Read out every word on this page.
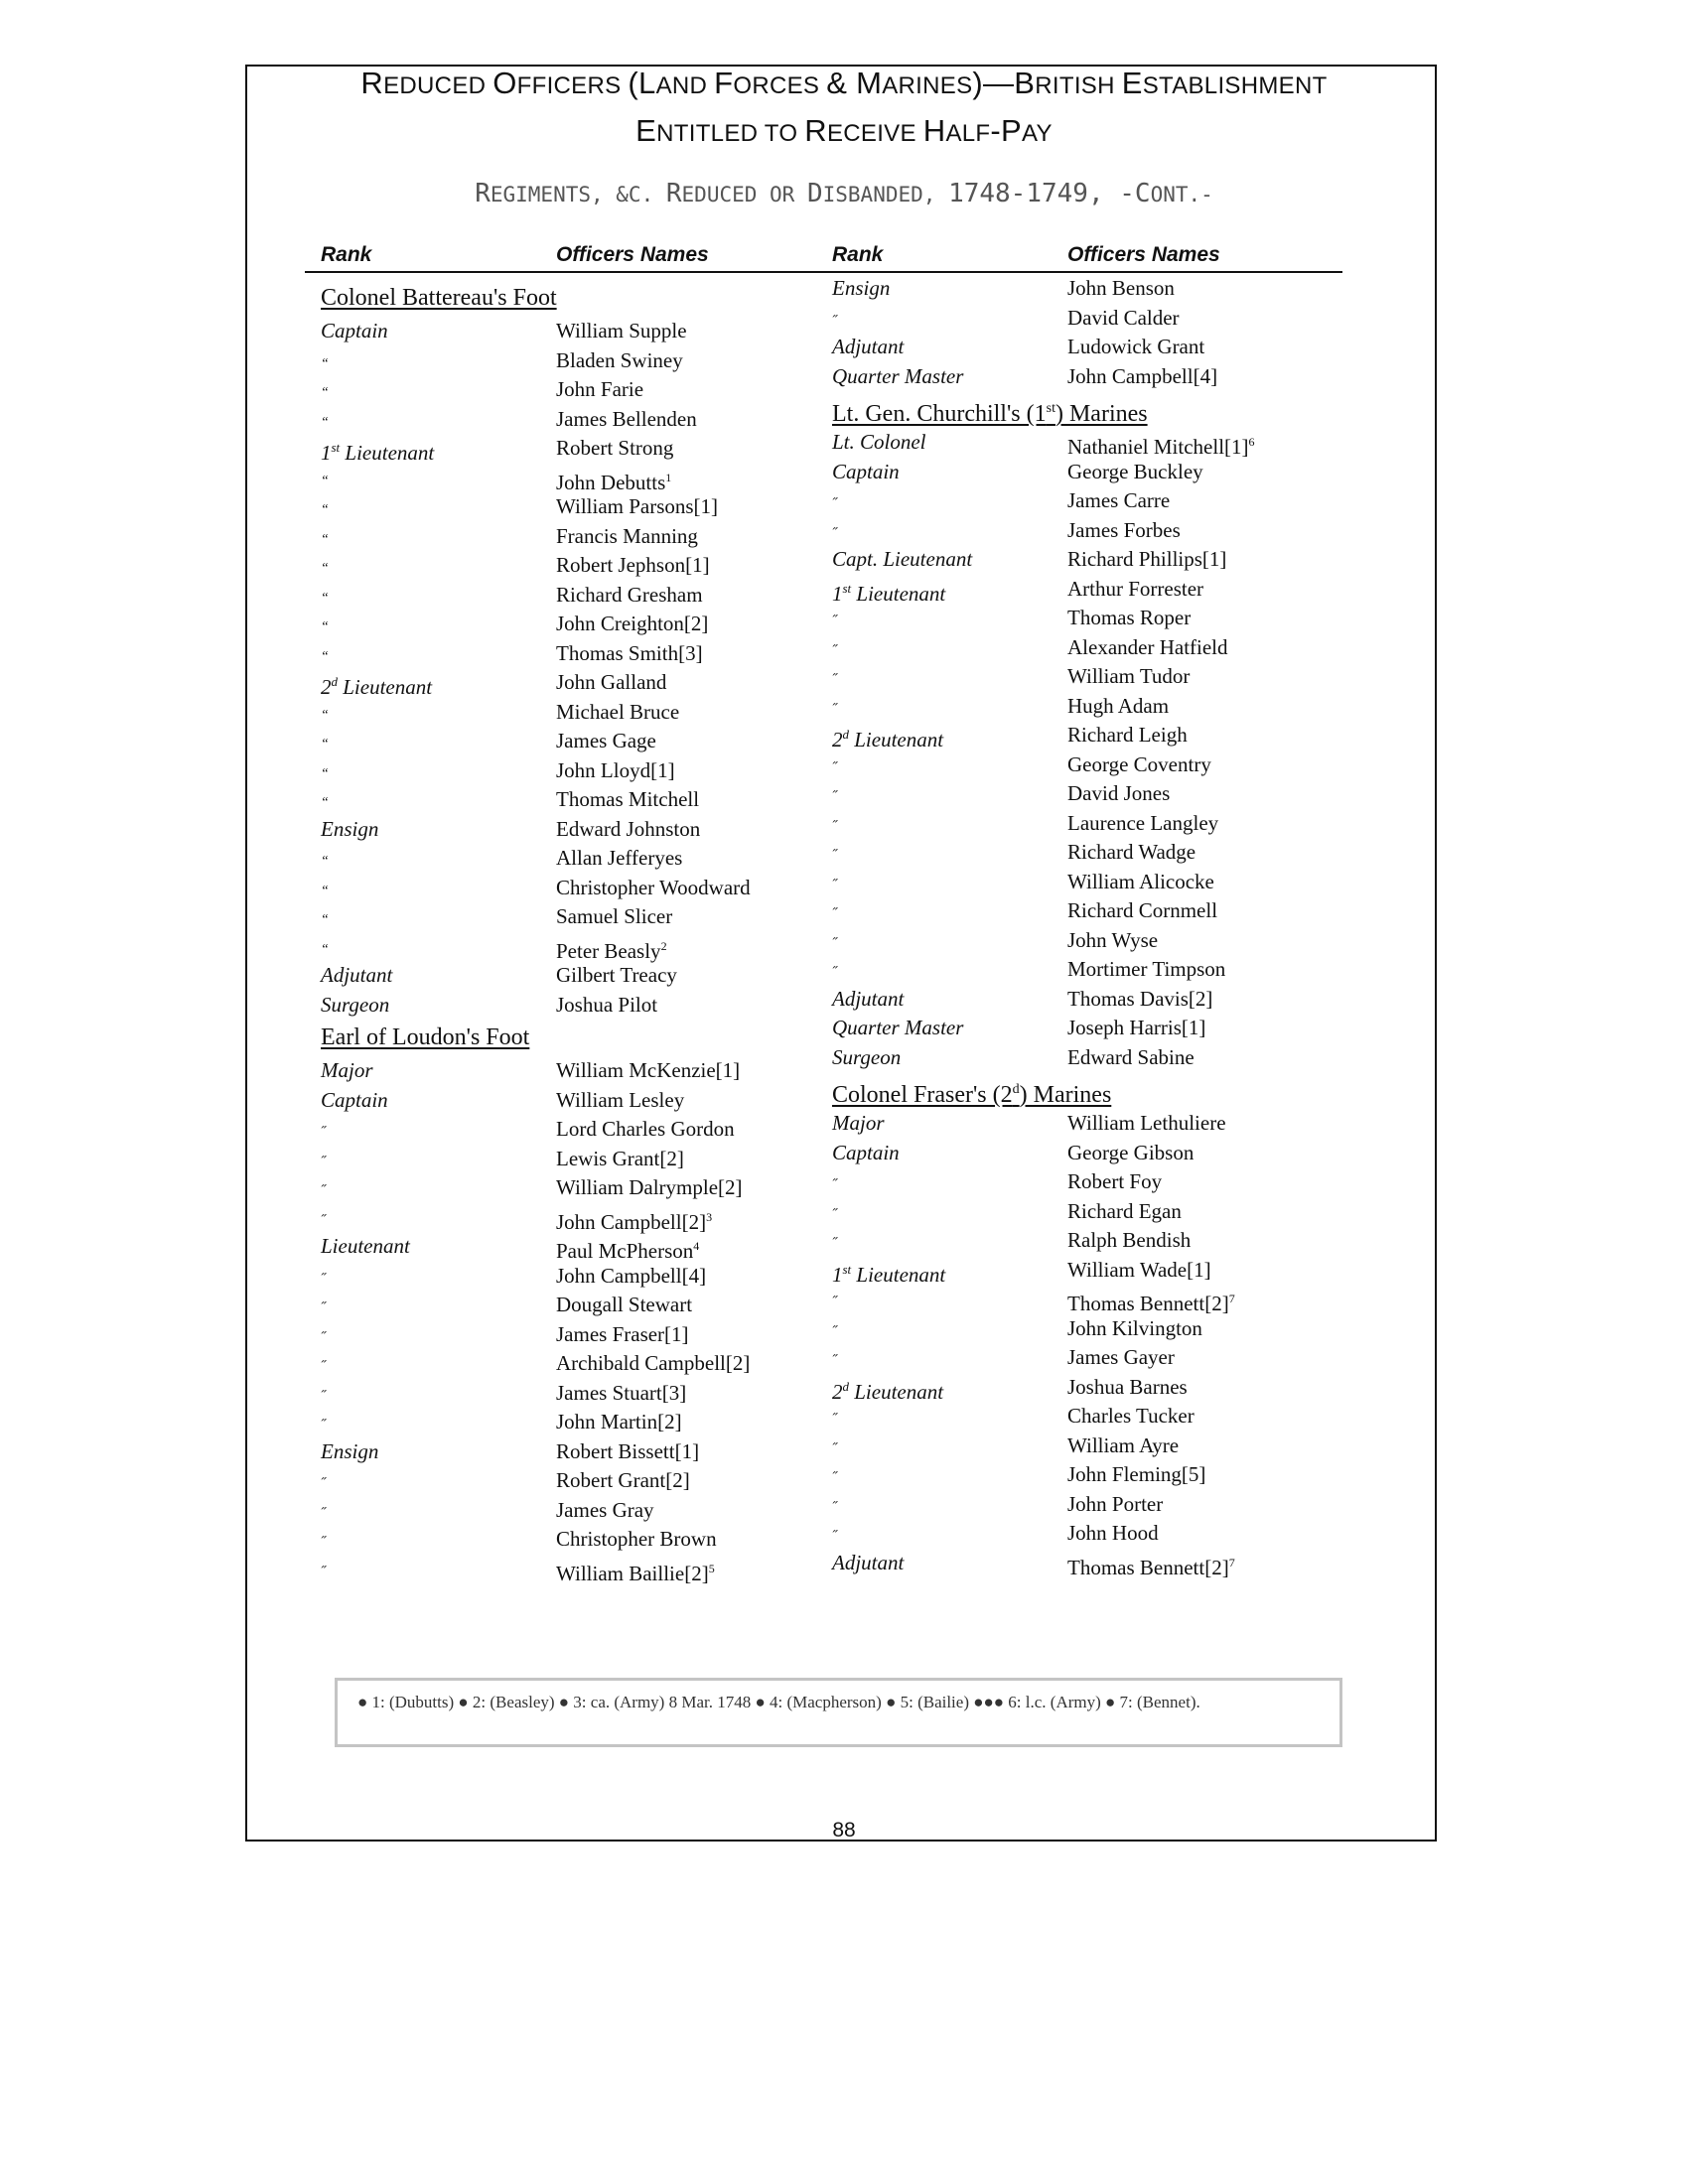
REDUCED OFFICERS (LAND FORCES & MARINES)—BRITISH ESTABLISHMENT
ENTITLED TO RECEIVE HALF-PAY
REGIMENTS, &C. REDUCED OR DISBANDED, 1748-1749, -CONT.-
Rank	Officers Names	Rank	Officers Names
Colonel Battereau's Foot
Captain	William Supple
“	Bladen Swiney
“	John Farie
“	James Bellenden
1st Lieutenant	Robert Strong
“	John Debutts$^1$
“	William Parsons[1]
“	Francis Manning
“	Robert Jephson[1]
“	Richard Gresham
“	John Creighton[2]
“	Thomas Smith[3]
2$^d$ Lieutenant	John Galland
“	Michael Bruce
“	James Gage
“	John Lloyd[1]
“	Thomas Mitchell
Ensign	Edward Johnston
“	Allan Jefferyes
“	Christopher Woodward
“	Samuel Slicer
“	Peter Beasly$^2$
Adjutant	Gilbert Treacy
Surgeon	Joshua Pilot
Earl of Loudon's Foot
Major	William McKenzie[1]
Captain	William Lesley
˝	Lord Charles Gordon
˝	Lewis Grant[2]
˝	William Dalrymple[2]
˝	John $Campbell[2]^3$
Lieutenant	Paul McPherson$^4$
˝	John Campbell[4]
˝	Dougall Stewart
˝	James Fraser[1]
˝	Archibald Campbell[2]
˝	James Stuart[3]
˝	John Martin[2]
Ensign	Robert Bissett[1]
˝	Robert Grant[2]
˝	James Gray
˝	Christopher Brown
˝	William $Baillie[2]^5$
Ensign	John Benson
˝	David Calder
Adjutant	Ludowick Grant
Quarter Master	John Campbell[4]
Lt. Gen. Churchill's (1st) Marines
Lt. Colonel	Nathaniel $Mitchell[1]^6$
Captain	George Buckley
˝	James Carre
˝	James Forbes
Capt. Lieutenant	Richard Phillips[1]
1st Lieutenant	Arthur Forrester
˝	Thomas Roper
˝	Alexander Hatfield
˝	William Tudor
˝	Hugh Adam
2$^d$ Lieutenant	Richard Leigh
˝	George Coventry
˝	David Jones
˝	Laurence Langley
˝	Richard Wadge
˝	William Alicocke
˝	Richard Cornmell
˝	John Wyse
˝	Mortimer Timpson
Adjutant	Thomas Davis[2]
Quarter Master	Joseph Harris[1]
Surgeon	Edward Sabine
Colonel Fraser's (2$^d$) Marines
Major	William Lethuliere
Captain	George Gibson
˝	Robert Foy
˝	Richard Egan
˝	Ralph Bendish
1st Lieutenant	William Wade[1]
˝	Thomas $Bennett[2]^7$
˝	John Kilvington
˝	James Gayer
2$^d$ Lieutenant	Joshua Barnes
˝	Charles Tucker
˝	William Ayre
˝	John Fleming[5]
˝	John Porter
˝	John Hood
Adjutant	Thomas $Bennett[2]^7$
● 1: (Dubutts) ● 2: (Beasley) ● 3: ca. (Army) 8 Mar. 1748 ● 4: (Macpherson) ● 5: (Bailie) ●●● 6: l.c. (Army) ● 7: (Bennet).
88
